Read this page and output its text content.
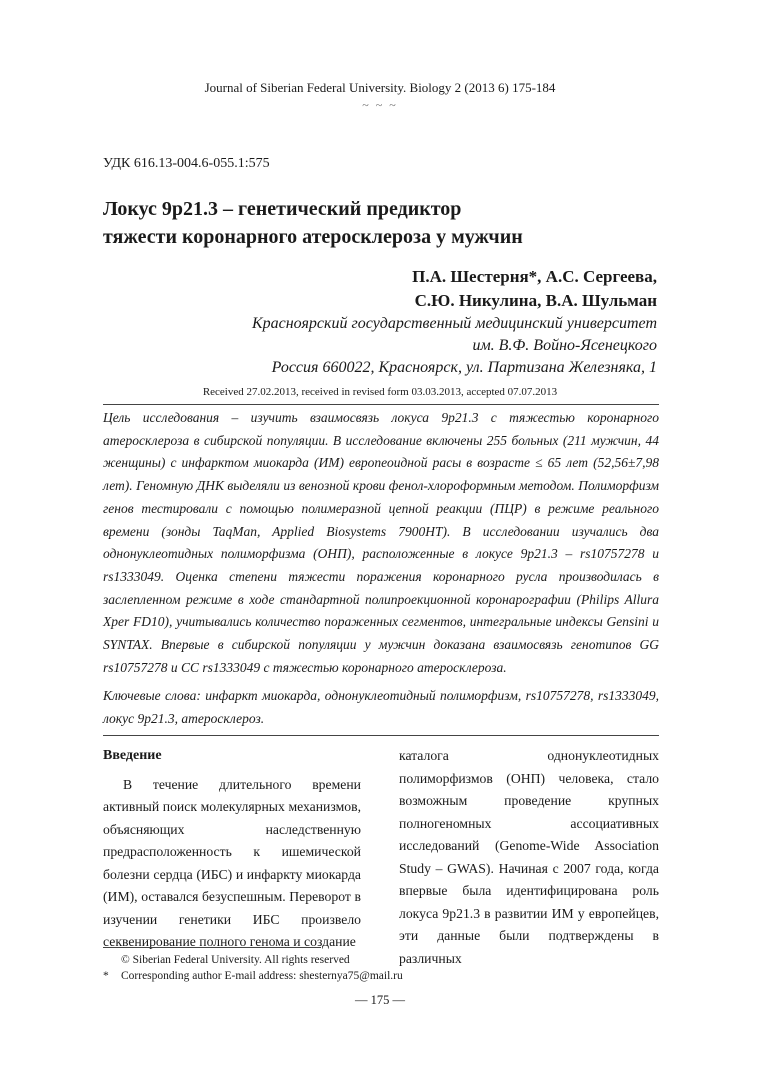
Journal of Siberian Federal University. Biology 2 (2013 6) 175-184
~ ~ ~
УДК 616.13-004.6-055.1:575
Локус 9р21.3 – генетический предиктор
тяжести коронарного атеросклероза у мужчин
П.А. Шестерня*, А.С. Сергеева,
С.Ю. Никулина, В.А. Шульман
Красноярский государственный медицинский университет
им. В.Ф. Войно-Ясенецкого
Россия 660022, Красноярск, ул. Партизана Железняка, 1
Received 27.02.2013, received in revised form 03.03.2013, accepted 07.07.2013
Цель исследования – изучить взаимосвязь локуса 9р21.3 с тяжестью коронарного атеросклероза в сибирской популяции. В исследование включены 255 больных (211 мужчин, 44 женщины) с инфарктом миокарда (ИМ) европеоидной расы в возрасте ≤ 65 лет (52,56±7,98 лет). Геномную ДНК выделяли из венозной крови фенол-хлороформным методом. Полиморфизм генов тестировали с помощью полимеразной цепной реакции (ПЦР) в режиме реального времени (зонды TaqMan, Applied Biosystems 7900HT). В исследовании изучались два однонуклеотидных полиморфизма (ОНП), расположенные в локусе 9р21.3 – rs10757278 и rs1333049. Оценка степени тяжести поражения коронарного русла производилась в заслепленном режиме в ходе стандартной полипроекционной коронарографии (Philips Allura Xper FD10), учитывались количество пораженных сегментов, интегральные индексы Gensini и SYNTAX. Впервые в сибирской популяции у мужчин доказана взаимосвязь генотипов GG rs10757278 и CC rs1333049 с тяжестью коронарного атеросклероза.
Ключевые слова: инфаркт миокарда, однонуклеотидный полиморфизм, rs10757278, rs1333049, локус 9р21.3, атеросклероз.
Введение

В течение длительного времени активный поиск молекулярных механизмов, объясняющих наследственную предрасположенность к ишемической болезни сердца (ИБС) и инфаркту миокарда (ИМ), оставался безуспешным. Переворот в изучении генетики ИБС произвело секвенирование полного генома и создание

каталога однонуклеотидных полиморфизмов (ОНП) человека, стало возможным проведение крупных полногеномных ассоциативных исследований (Genome-Wide Association Study – GWAS). Начиная с 2007 года, когда впервые была идентифицирована роль локуса 9р21.3 в развитии ИМ у европейцев, эти данные были подтверждены в различных

© Siberian Federal University. All rights reserved
* Corresponding author E-mail address: shesternya75@mail.ru
— 175 —
